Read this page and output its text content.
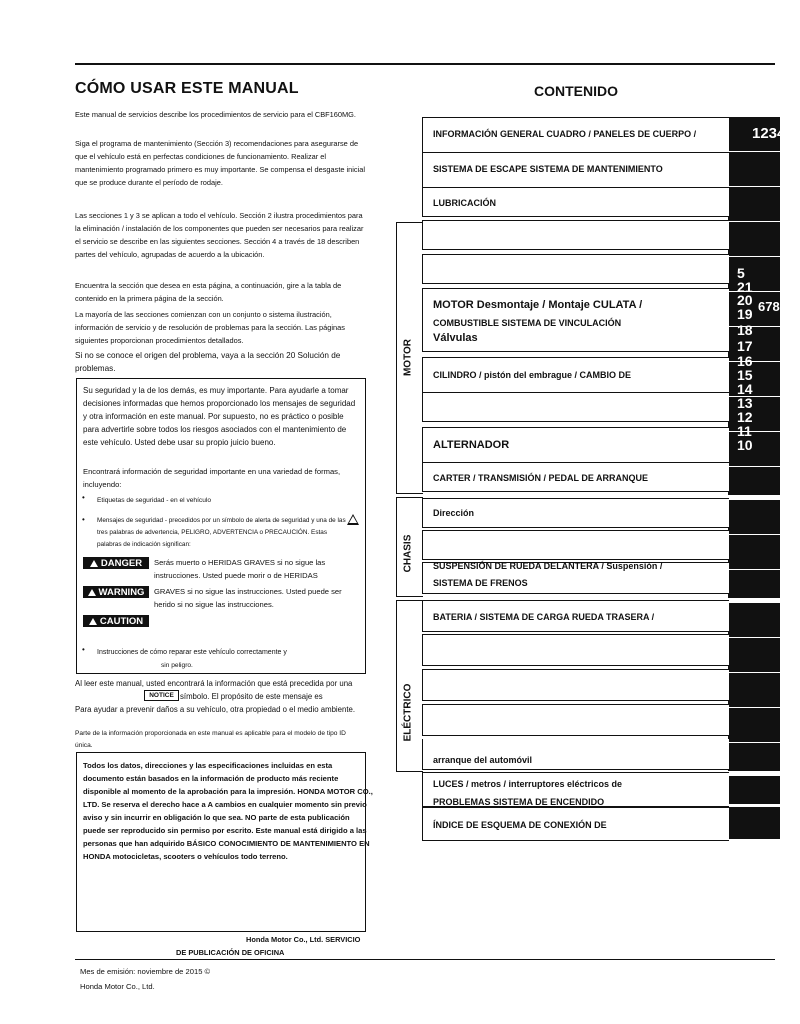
CÓMO USAR ESTE MANUAL
Este manual de servicios describe los procedimientos de servicio para el CBF160MG.
Siga el programa de mantenimiento (Sección 3) recomendaciones para asegurarse de que el vehículo está en perfectas condiciones de funcionamiento. Realizar el mantenimiento programado primero es muy importante. Se compensa el desgaste inicial que se produce durante el período de rodaje.
Las secciones 1 y 3 se aplican a todo el vehículo. Sección 2 ilustra procedimientos para la eliminación / instalación de los componentes que pueden ser necesarios para realizar el servicio se describe en las siguientes secciones. Sección 4 a través de 18 describen partes del vehículo, agrupadas de acuerdo a la ubicación.
Encuentra la sección que desea en esta página, a continuación, gire a la tabla de contenido en la primera página de la sección.
La mayoría de las secciones comienzan con un conjunto o sistema ilustración, información de servicio y de resolución de problemas para la sección. Las páginas siguientes proporcionan procedimientos detallados.
Si no se conoce el origen del problema, vaya a la sección 20 Solución de problemas.
Su seguridad y la de los demás, es muy importante. Para ayudarle a tomar decisiones informadas que hemos proporcionado los mensajes de seguridad y otra información en este manual. Por supuesto, no es práctico o posible para advertirle sobre todos los riesgos asociados con el mantenimiento de este vehículo. Usted debe usar su propio juicio bueno.
Encontrará información de seguridad importante en una variedad de formas, incluyendo:
• Etiquetas de seguridad - en el vehículo
• Mensajes de seguridad - precedidos por un símbolo de alerta de seguridad y una de las tres palabras de advertencia, PELIGRO, ADVERTENCIA o PRECAUCIÓN. Estas palabras de indicación significan:
DANGER Serás muerto o HERIDAS GRAVES si no sigue las instrucciones. Usted puede morir o de HERIDAS
WARNING GRAVES si no sigue las instrucciones. Usted puede ser herido si no sigue las instrucciones.
CAUTION
• Instrucciones de cómo reparar este vehículo correctamente y
sin peligro.
Al leer este manual, usted encontrará la información que está precedida por una
NOTICE símbolo. El propósito de este mensaje es
Para ayudar a prevenir daños a su vehículo, otra propiedad o el medio ambiente.
Parte de la información proporcionada en este manual es aplicable para el modelo de tipo ID única.
Todos los datos, direcciones y las especificaciones incluidas en esta documento están basados en la información de producto más reciente disponible al momento de la aprobación para la impresión. HONDA MOTOR CO., LTD. Se reserva el derecho hace a A cambios en cualquier momento sin previo aviso y sin incurrir en obligación lo que sea. NO parte de esta publicación puede ser reproducido sin permiso por escrito. Este manual está dirigido a las personas que han adquirido BÁSICO CONOCIMIENTO DE MANTENIMIENTO EN HONDA motocicletas, scooters o vehículos todo terreno.
Honda Motor Co., Ltd. SERVICIO
DE PUBLICACIÓN DE OFICINA
Mes de emisión: noviembre de 2015 ©
Honda Motor Co., Ltd.
CONTENIDO
1234
5
21
20 6789
19
18
17
16
15
14
13
12
11
10
MOTOR
CHASIS
ELÉCTRICO
INFORMACIÓN GENERAL CUADRO / PANELES DE CUERPO /
SISTEMA DE ESCAPE SISTEMA DE MANTENIMIENTO
LUBRICACIÓN
MOTOR Desmontaje / Montaje CULATA /
COMBUSTIBLE SISTEMA DE VINCULACIÓN
Válvulas
CILINDRO / pistón del embrague / CAMBIO DE
ALTERNADOR
CARTER / TRANSMISIÓN / PEDAL DE ARRANQUE
Dirección
SUSPENSIÓN DE RUEDA DELANTERA / Suspensión /
SISTEMA DE FRENOS
BATERIA / SISTEMA DE CARGA RUEDA TRASERA /
arranque del automóvil
LUCES / metros / interruptores eléctricos de
PROBLEMAS SISTEMA DE ENCENDIDO
ÍNDICE DE ESQUEMA DE CONEXIÓN DE
